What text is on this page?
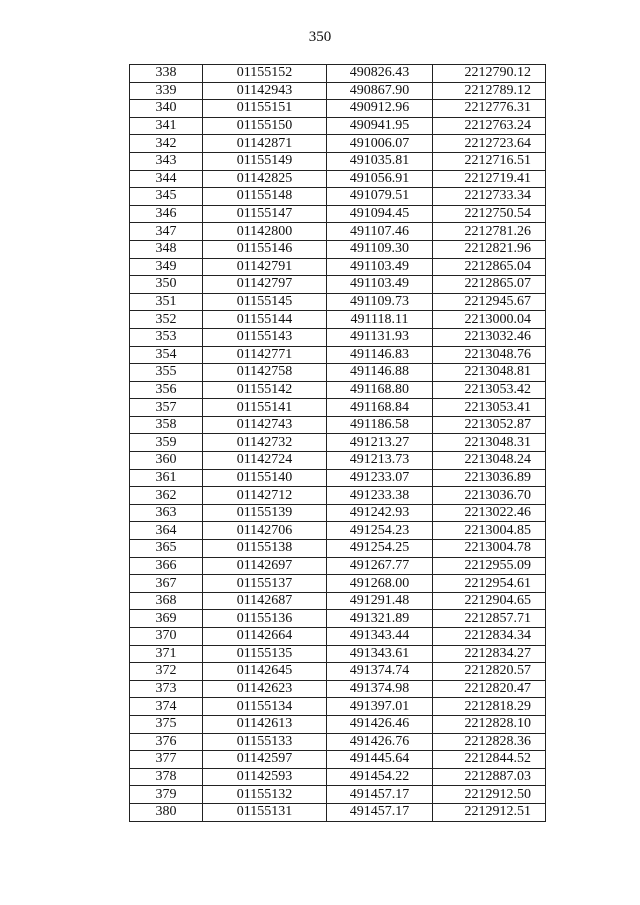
350
338	01155152	490826.43	2212790.12
339	01142943	490867.90	2212789.12
340	01155151	490912.96	2212776.31
341	01155150	490941.95	2212763.24
342	01142871	491006.07	2212723.64
343	01155149	491035.81	2212716.51
344	01142825	491056.91	2212719.41
345	01155148	491079.51	2212733.34
346	01155147	491094.45	2212750.54
347	01142800	491107.46	2212781.26
348	01155146	491109.30	2212821.96
349	01142791	491103.49	2212865.04
350	01142797	491103.49	2212865.07
351	01155145	491109.73	2212945.67
352	01155144	491118.11	2213000.04
353	01155143	491131.93	2213032.46
354	01142771	491146.83	2213048.76
355	01142758	491146.88	2213048.81
356	01155142	491168.80	2213053.42
357	01155141	491168.84	2213053.41
358	01142743	491186.58	2213052.87
359	01142732	491213.27	2213048.31
360	01142724	491213.73	2213048.24
361	01155140	491233.07	2213036.89
362	01142712	491233.38	2213036.70
363	01155139	491242.93	2213022.46
364	01142706	491254.23	2213004.85
365	01155138	491254.25	2213004.78
366	01142697	491267.77	2212955.09
367	01155137	491268.00	2212954.61
368	01142687	491291.48	2212904.65
369	01155136	491321.89	2212857.71
370	01142664	491343.44	2212834.34
371	01155135	491343.61	2212834.27
372	01142645	491374.74	2212820.57
373	01142623	491374.98	2212820.47
374	01155134	491397.01	2212818.29
375	01142613	491426.46	2212828.10
376	01155133	491426.76	2212828.36
377	01142597	491445.64	2212844.52
378	01142593	491454.22	2212887.03
379	01155132	491457.17	2212912.50
380	01155131	491457.17	2212912.51
